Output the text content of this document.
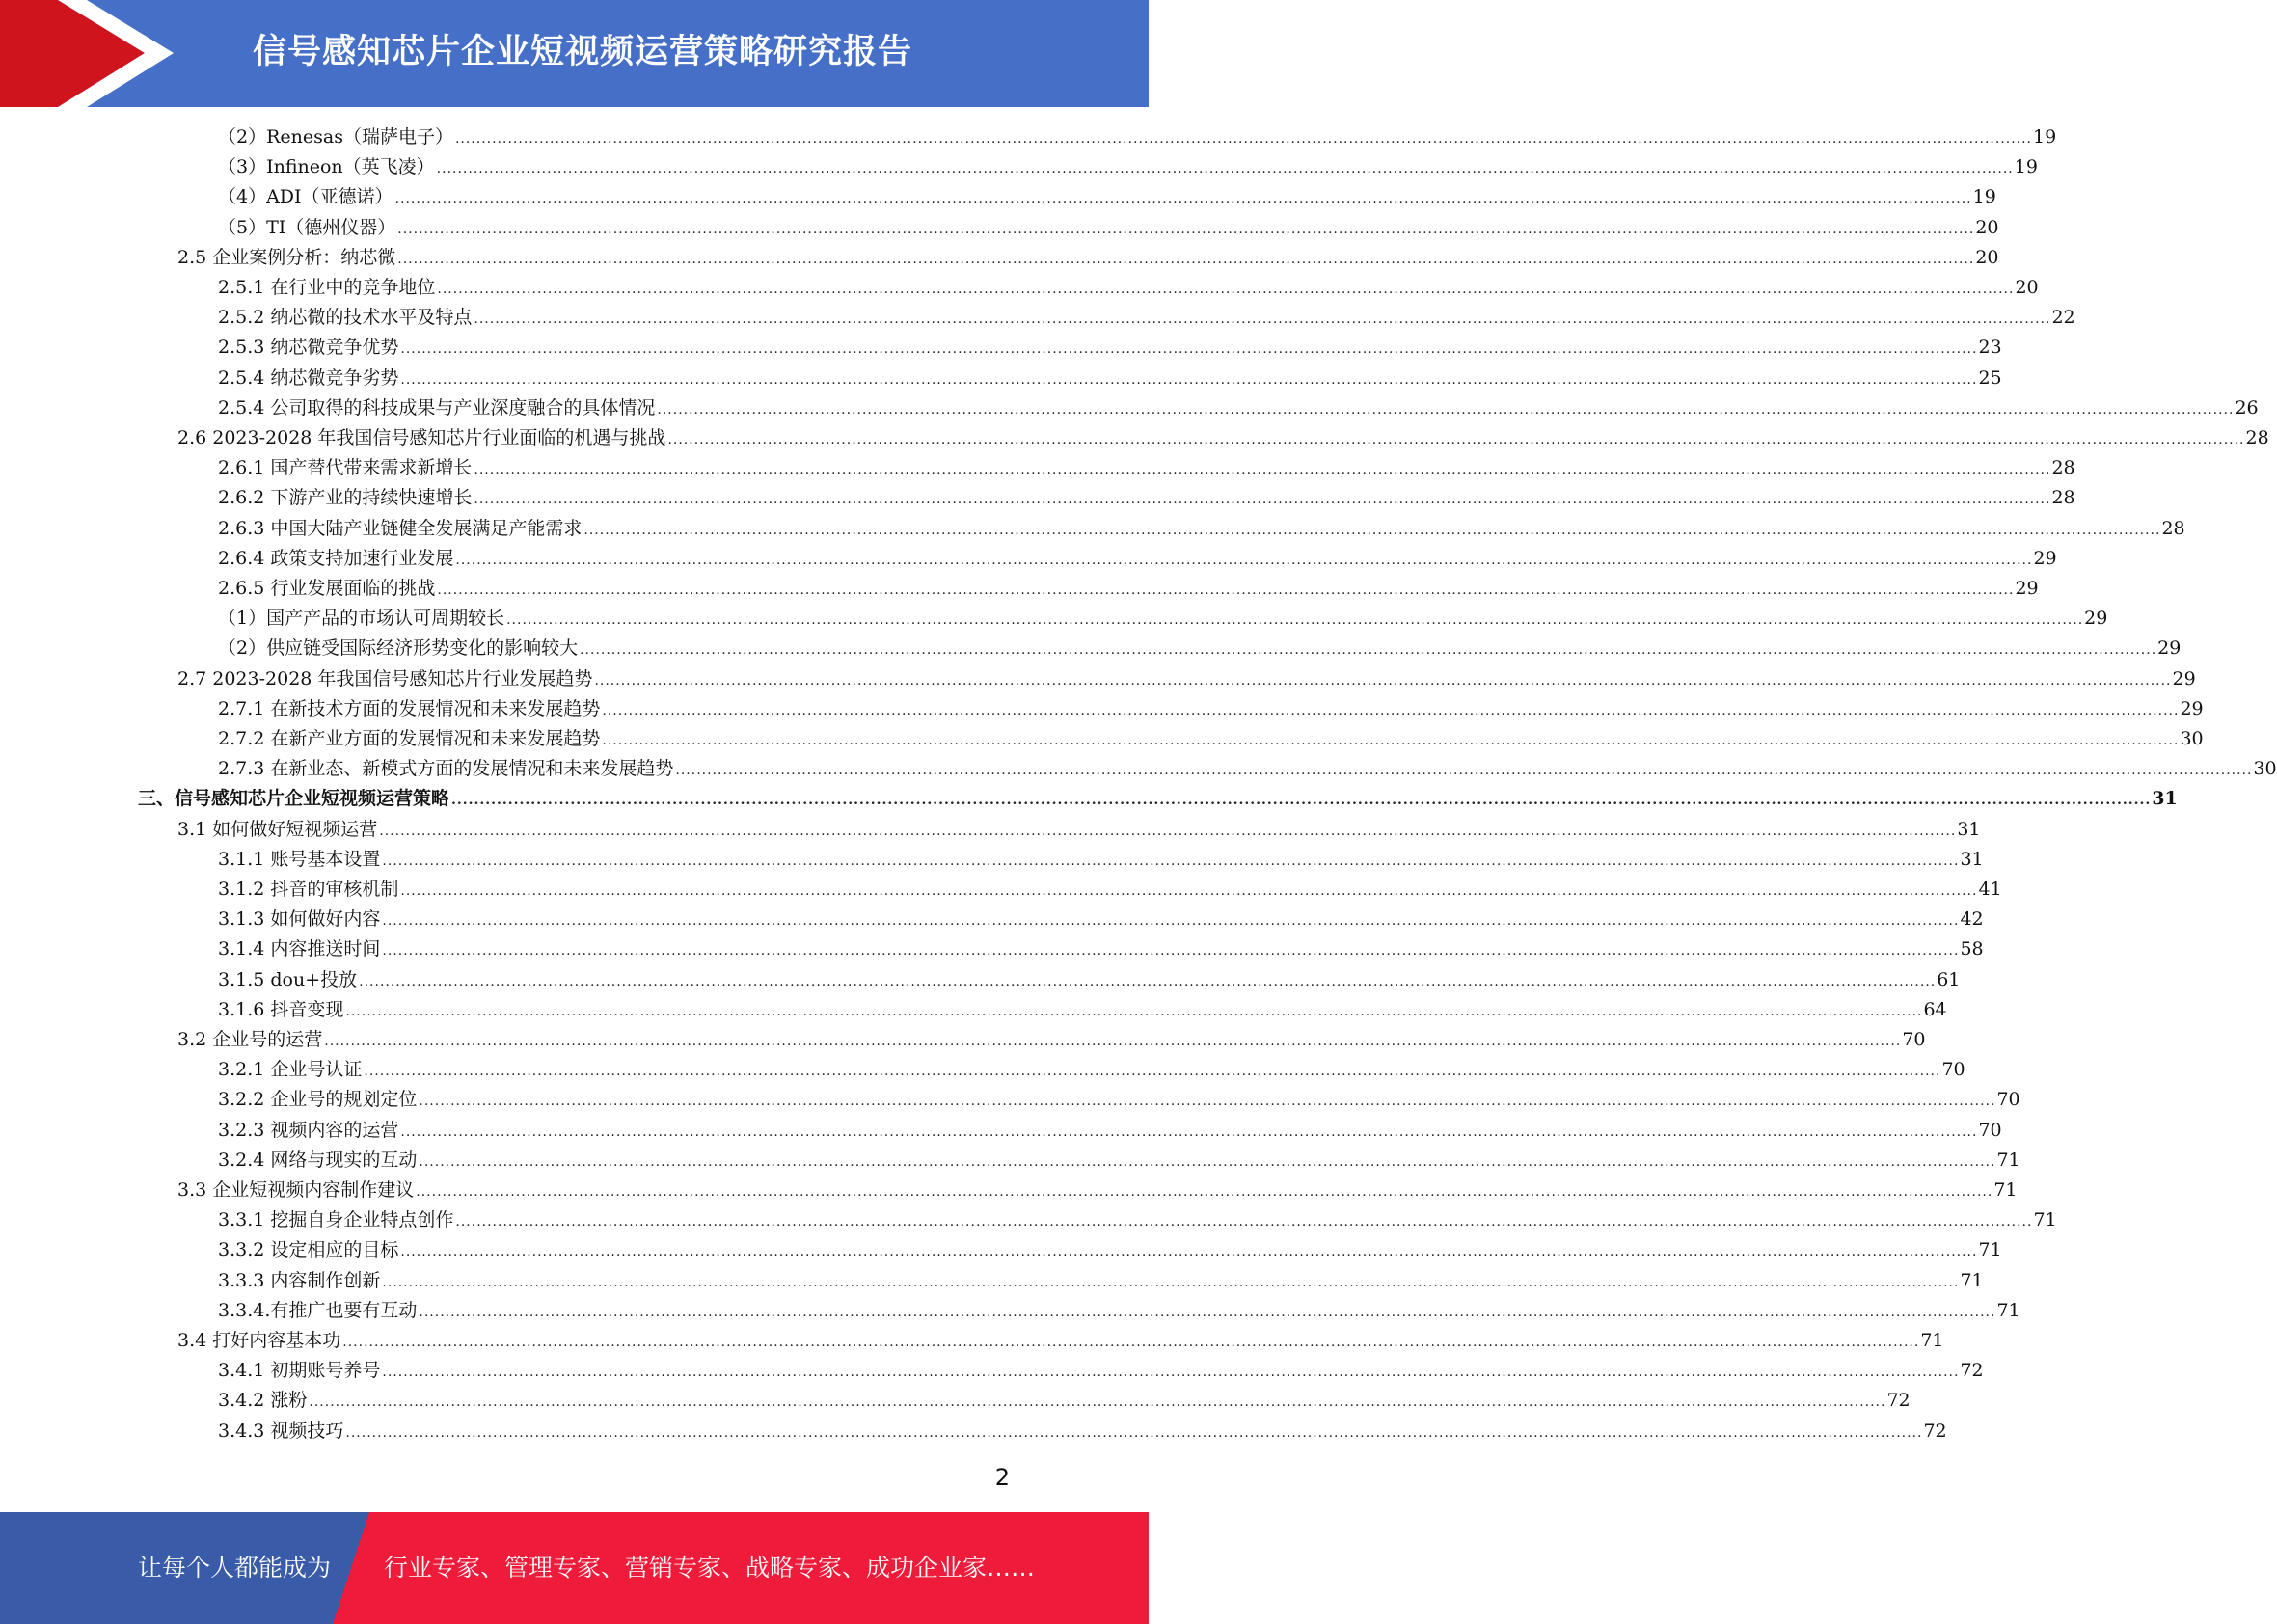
信号感知芯片企业短视频运营策略研究报告
（2）Renesas（瑞萨电子） ............................................................................................................................................................................................................................................................................................................ 19
（3）Infineon（英飞凌） ............................................................................................................................................................................................................................................................................................................ 19
（4）ADI（亚德诺） ............................................................................................................................................................................................................................................................................................................ 19
（5）TI（德州仪器） ............................................................................................................................................................................................................................................................................................................ 20
2.5 企业案例分析：纳芯微 ............................................................................................................................................................................................................................................................................................................ 20
2.5.1 在行业中的竞争地位 ............................................................................................................................................................................................................................................................................................................ 20
2.5.2 纳芯微的技术水平及特点 ............................................................................................................................................................................................................................................................................................................ 22
2.5.3 纳芯微竞争优势 ............................................................................................................................................................................................................................................................................................................ 23
2.5.4 纳芯微竞争劣势 ............................................................................................................................................................................................................................................................................................................ 25
2.5.4 公司取得的科技成果与产业深度融合的具体情况 ............................................................................................................................................................................................................................................................................................................ 26
2.6 2023-2028 年我国信号感知芯片行业面临的机遇与挑战 ............................................................................................................................................................................................................................................................................................................ 28
2.6.1 国产替代带来需求新增长 ............................................................................................................................................................................................................................................................................................................ 28
2.6.2 下游产业的持续快速增长 ............................................................................................................................................................................................................................................................................................................ 28
2.6.3 中国大陆产业链健全发展满足产能需求 ............................................................................................................................................................................................................................................................................................................ 28
2.6.4 政策支持加速行业发展 ............................................................................................................................................................................................................................................................................................................ 29
2.6.5 行业发展面临的挑战 ............................................................................................................................................................................................................................................................................................................ 29
（1）国产产品的市场认可周期较长 ............................................................................................................................................................................................................................................................................................................ 29
（2）供应链受国际经济形势变化的影响较大 ............................................................................................................................................................................................................................................................................................................ 29
2.7 2023-2028 年我国信号感知芯片行业发展趋势 ............................................................................................................................................................................................................................................................................................................ 29
2.7.1 在新技术方面的发展情况和未来发展趋势 ............................................................................................................................................................................................................................................................................................................ 29
2.7.2 在新产业方面的发展情况和未来发展趋势 ............................................................................................................................................................................................................................................................................................................ 30
2.7.3 在新业态、新模式方面的发展情况和未来发展趋势 ............................................................................................................................................................................................................................................................................................................ 30
三、信号感知芯片企业短视频运营策略 ............................................................................................................................................................................................................................................................................................................ 31
3.1 如何做好短视频运营 ............................................................................................................................................................................................................................................................................................................ 31
3.1.1 账号基本设置 ............................................................................................................................................................................................................................................................................................................ 31
3.1.2 抖音的审核机制 ............................................................................................................................................................................................................................................................................................................ 41
3.1.3 如何做好内容 ............................................................................................................................................................................................................................................................................................................ 42
3.1.4 内容推送时间 ............................................................................................................................................................................................................................................................................................................ 58
3.1.5 dou+投放 ............................................................................................................................................................................................................................................................................................................ 61
3.1.6 抖音变现 ............................................................................................................................................................................................................................................................................................................ 64
3.2 企业号的运营 ............................................................................................................................................................................................................................................................................................................ 70
3.2.1 企业号认证 ............................................................................................................................................................................................................................................................................................................ 70
3.2.2 企业号的规划定位 ............................................................................................................................................................................................................................................................................................................ 70
3.2.3 视频内容的运营 ............................................................................................................................................................................................................................................................................................................ 70
3.2.4 网络与现实的互动 ............................................................................................................................................................................................................................................................................................................ 71
3.3 企业短视频内容制作建议 ............................................................................................................................................................................................................................................................................................................ 71
3.3.1 挖掘自身企业特点创作 ............................................................................................................................................................................................................................................................................................................ 71
3.3.2 设定相应的目标 ............................................................................................................................................................................................................................................................................................................ 71
3.3.3 内容制作创新 ............................................................................................................................................................................................................................................................................................................ 71
3.3.4.有推广也要有互动 ............................................................................................................................................................................................................................................................................................................ 71
3.4 打好内容基本功 ............................................................................................................................................................................................................................................................................................................ 71
3.4.1 初期账号养号 ............................................................................................................................................................................................................................................................................................................ 72
3.4.2 涨粉 ............................................................................................................................................................................................................................................................................................................ 72
3.4.3 视频技巧 ............................................................................................................................................................................................................................................................................................................ 72
2
让每个人都能成为 行业专家、管理专家、营销专家、战略专家、成功企业家……
